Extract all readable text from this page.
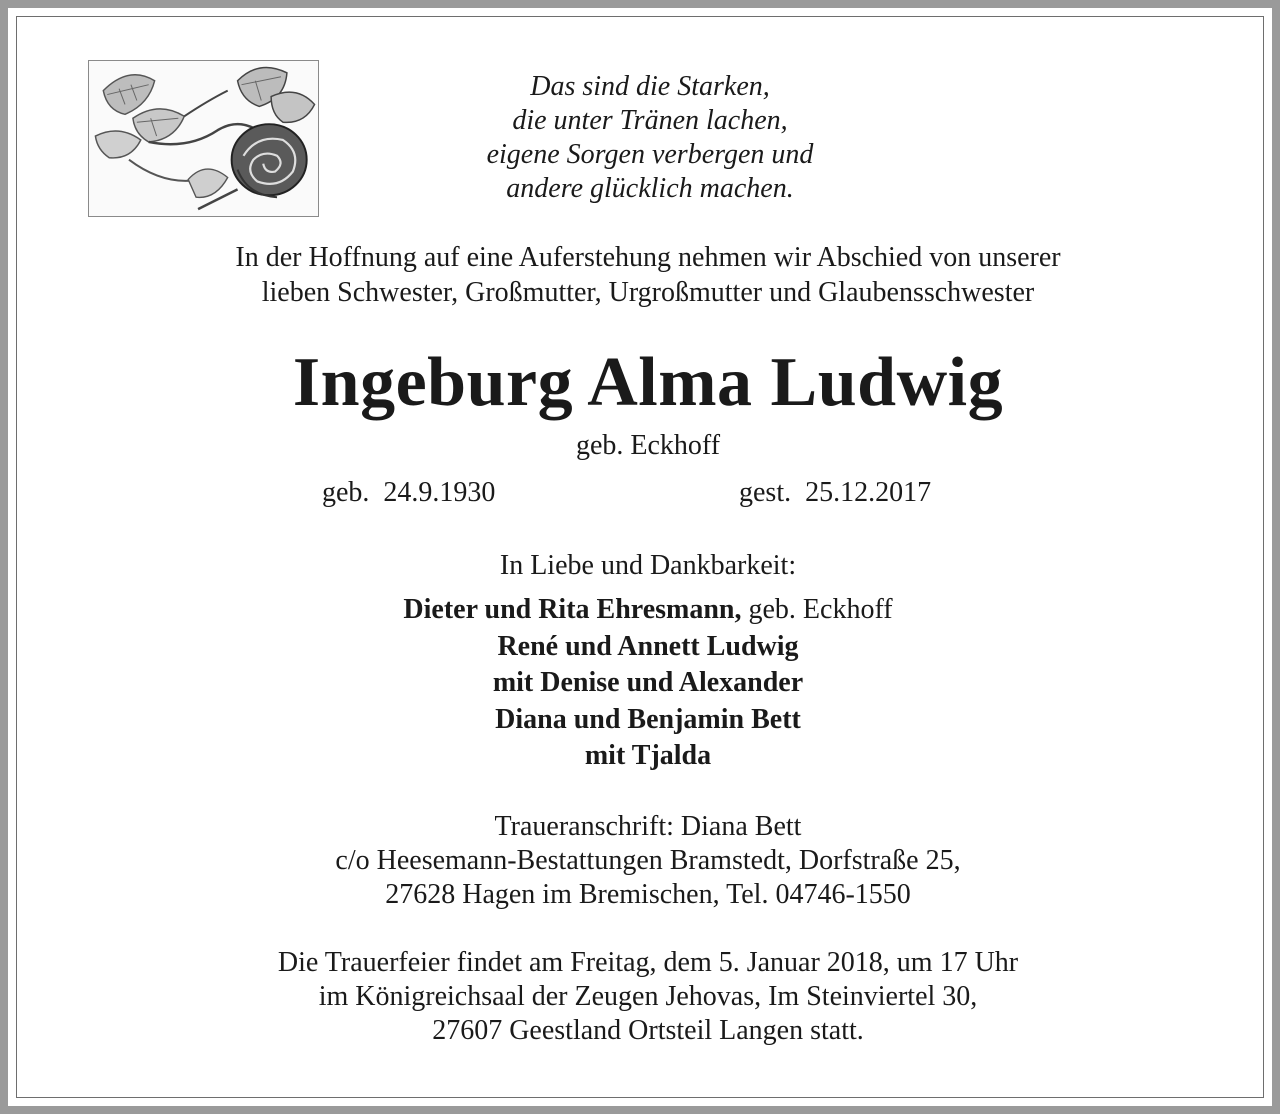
Das sind die Starken,
die unter Tränen lachen,
eigene Sorgen verbergen und
andere glücklich machen.
In der Hoffnung auf eine Auferstehung nehmen wir Abschied von unserer
lieben Schwester, Großmutter, Urgroßmutter und Glaubensschwester
Ingeburg Alma Ludwig
geb. Eckhoff
geb.  24.9.1930	gest.  25.12.2017
In Liebe und Dankbarkeit:
Dieter und Rita Ehresmann, geb. Eckhoff
René und Annett Ludwig
mit Denise und Alexander
Diana und Benjamin Bett
mit Tjalda
Traueranschrift: Diana Bett
c/o Heesemann-Bestattungen Bramstedt, Dorfstraße 25,
27628 Hagen im Bremischen, Tel. 04746-1550
Die Trauerfeier findet am Freitag, dem 5. Januar 2018, um 17 Uhr
im Königreichsaal der Zeugen Jehovas, Im Steinviertel 30,
27607 Geestland Ortsteil Langen statt.
